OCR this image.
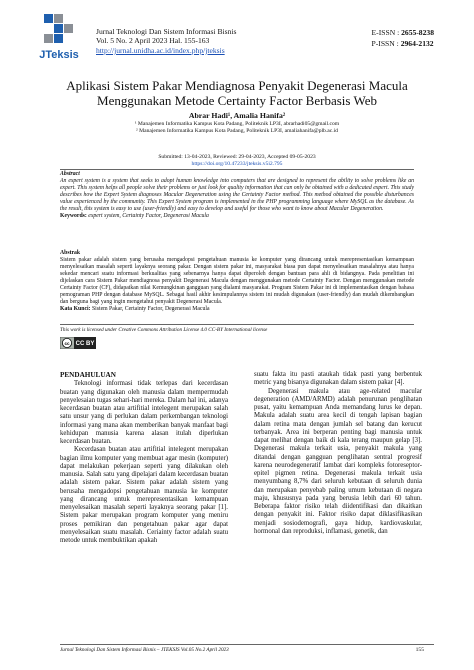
JTeksis
Jurnal Teknologi Dan Sistem Informasi Bisnis
Vol. 5 No. 2 April 2023 Hal. 155-163
http://jurnal.unidha.ac.id/index.php/jteksis
E-ISSN : 2655-8238
P-ISSN : 2964-2132
Aplikasi Sistem Pakar Mendiagnosa Penyakit Degenerasi Macula
Menggunakan Metode Certainty Factor Berbasis Web
Abrar Hadi¹, Amalia Hanifa²
¹ Manajemen Informatika Kampus Kota Padang, Politeknik LP3I, abrarhadi05@gmail.com
² Manajemen Informatika Kampus Kota Padang, Politeknik LP3I, amaliahanifa@plb.ac.id
Submitted: 13-04-2023, Reviewed: 29-04-2023, Accepted 09-05-2023
https://doi.org/10.47233/jteksis.v5i2.795
Abstract
An expert system is a system that seeks to adopt human knowledge into computers that are designed to represent the ability to solve problems like an expert. This system helps all people solve their problems or just look for quality information that can only be obtained with a dedicated expert. This study describes how the Expert System diagnoses Macular Degeneration using the Certainty Factor method. This method obtained the possible disturbances value experienced by the community. This Expert System program is implemented in the PHP programming language where MySQL as the database. As the result, this system is easy to use (user-friendly) and easy to develop and useful for those who want to know about Macular Degeneration.
Keywords: expert system, Certainty Factor, Degenerasi Macula
Abstrak
Sistem pakar adalah sistem yang berusaha mengadopsi pengetahuan manusia ke komputer yang dirancang untuk merepresentasikan kemampuan menyelesaikan masalah seperti layaknya seorang pakar. Dengan sistem pakar ini, masyarakat biasa pun dapat menyelesaikan masalahnya atau hanya sekedar mencari suatu informasi berkualitas yang sebenarnya hanya dapat diperoleh dengan bantuan para ahli di bidangnya. Pada penelitian ini dijelaskan cara Sistem Pakar mendiagnosa penyakit Degenerasi Macula dengan menggunakan metode Certainty Factor. Dengan menggunakan metode Certainty Factor (CF), didapatkan nilai Kemungkinan gangguan yang dialami masyarakat. Program Sistem Pakar ini di implementasikan dengan bahasa pemograman PHP dengan database MySQL. Sebagai hasil akhir kesimpulannya sistem ini mudah digunakan (user-friendly) dan mudah dikembangkan dan berguna bagi yang ingin mengetahui penyakit Degenerasi Macula.
Kata Kunci: Sistem Pakar, Certainty Factor, Degenerasi Macula
This work is licensed under Creative Commons Attribution License 4.0 CC-BY International license
cc CC BY

PENDAHULUAN

Teknologi informasi tidak terlepas dari kecerdasan buatan yang digunakan oleh manusia dalam mempermudah penyelesaian tugas sehari-hari mereka. Dalam hal ini, adanya kecerdasan buatan atau artifitial intelegent merupakan salah satu unsur yang di perlukan dalam perkembangan teknologi informasi yang mana akan memberikan banyak manfaat bagi kehidupan manusia karena alasan itulah diperlukan kecerdasan buatan.

Kecerdasan buatan atau artifitial intelegent merupakan bagian ilmu komputer yang membuat agar mesin (komputer) dapat melakukan pekerjaan seperti yang dilakukan oleh manusia. Salah satu yang dipelajari dalam kecerdasan buatan adalah sistem pakar. Sistem pakar adalah sistem yang berusaha mengadopsi pengetahuan manusia ke komputer yang dirancang untuk merepresentasikan kemampuan menyelesaikan masalah seperti layaknya seorang pakar [1]. Sistem pakar merupakan program komputer yang meniru proses pemikiran dan pengetahuan pakar agar dapat menyelesaikan suatu masalah. Ceriainty factor adalah suatu metode untuk membuktikan apakah

suatu fakta itu pasti ataukah tidak pasti yang berbentuk metric yang bisanya digunakan dalam sistem pakar [4].

Degenerasi makula atau age-related macular degeneration (AMD/ARMD) adalah penurunan penglihatan pusat, yaitu kemampuan Anda memandang lurus ke depan. Makula adalah suatu area kecil di tengah lapisan bagian dalam retina mata dengan jumlah sel batang dan kerucut terbanyak. Area ini berperan penting bagi manusia untuk dapat melihat dengan baik di kala terang maupun gelap [3]. Degenerasi makula terkait usia, penyakit makula yang ditandai dengan gangguan penglihatan sentral progresif karena neurodegeneratif lambat dari kompleks fotoreseptor-epitel pigmen retina. Degenerasi makula terkait usia menyumbang 8,7% dari seluruh kebutaan di seluruh dunia dan merupakan penyebab paling umum kebutaan di negara maju, khususnya pada yang berusia lebih dari 60 tahun. Beberapa faktor risiko telah diidentifikasi dan dikaitkan dengan penyakit ini. Faktor risiko dapat diklasifikasikan menjadi sosiodemografi, gaya hidup, kardiovaskular, hormonal dan reproduksi, inflamasi, genetik, dan

Jurnal Teknologi Dan Sistem Informasi Bisnis – JTEKSIS Vol.05 No.2 April 2023	155
